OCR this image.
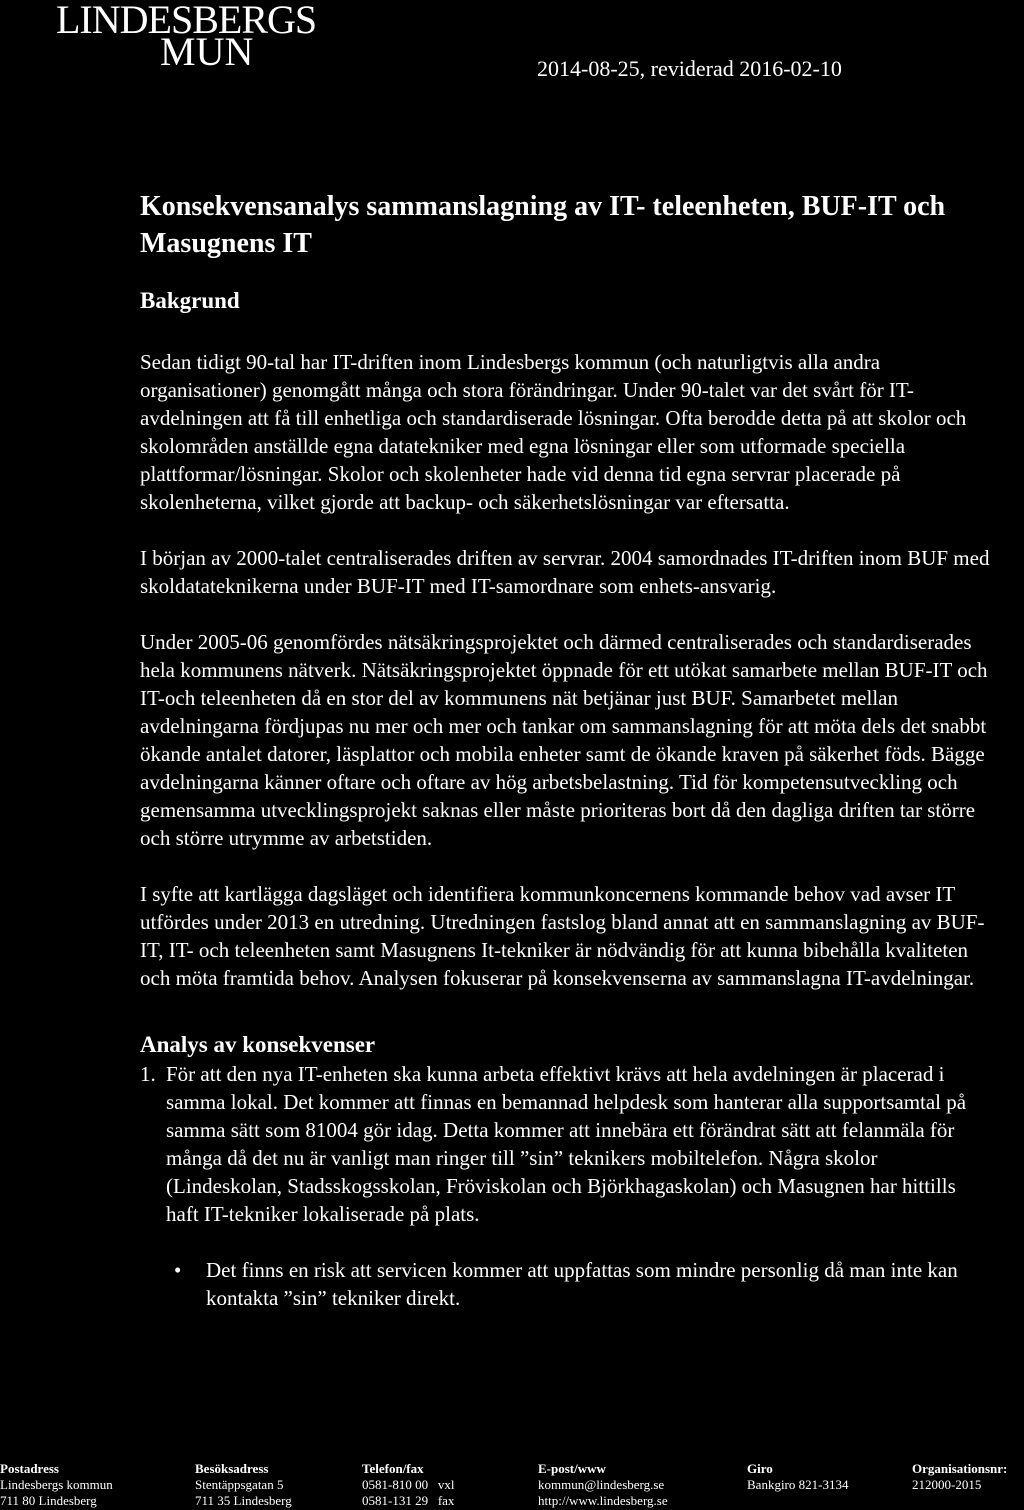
LINDESBERGS
MUN	2014-08-25, reviderad 2016-02-10
Konsekvensanalys sammanslagning av IT- teleenheten, BUF-IT och Masugnens IT
Bakgrund

Sedan tidigt 90-tal har IT-driften inom Lindesbergs kommun (och naturligtvis alla andra organisationer) genomgått många och stora förändringar. Under 90-talet var det svårt för IT-avdelningen att få till enhetliga och standardiserade lösningar. Ofta berodde detta på att skolor och skolområden anställde egna datatekniker med egna lösningar eller som utformade speciella plattformar/lösningar. Skolor och skolenheter hade vid denna tid egna servrar placerade på skolenheterna, vilket gjorde att backup- och säkerhetslösningar var eftersatta.

I början av 2000-talet centraliserades driften av servrar. 2004 samordnades IT-driften inom BUF med skoldatateknikerna under BUF-IT med IT-samordnare som enhets-ansvarig.

Under 2005-06 genomfördes nätsäkringsprojektet och därmed centraliserades och standardiserades hela kommunens nätverk. Nätsäkringsprojektet öppnade för ett utökat samarbete mellan BUF-IT och IT-och teleenheten då en stor del av kommunens nät betjänar just BUF. Samarbetet mellan avdelningarna fördjupas nu mer och mer och tankar om sammanslagning för att möta dels det snabbt ökande antalet datorer, läsplattor och mobila enheter samt de ökande kraven på säkerhet föds. Bägge avdelningarna känner oftare och oftare av hög arbetsbelastning. Tid för kompetensutveckling och gemensamma utvecklingsprojekt saknas eller måste prioriteras bort då den dagliga driften tar större och större utrymme av arbetstiden.

I syfte att kartlägga dagsläget och identifiera kommunkoncernens kommande behov vad avser IT utfördes under 2013 en utredning. Utredningen fastslog bland annat att en sammanslagning av BUF-IT, IT- och teleenheten samt Masugnens It-tekniker är nödvändig för att kunna bibehålla kvaliteten och möta framtida behov. Analysen fokuserar på konsekvenserna av sammanslagna IT-avdelningar.

Analys av konsekvenser
1. För att den nya IT-enheten ska kunna arbeta effektivt krävs att hela avdelningen är placerad i samma lokal. Det kommer att finnas en bemannad helpdesk som hanterar alla supportsamtal på samma sätt som 81004 gör idag. Detta kommer att innebära ett förändrat sätt att felanmäla för många då det nu är vanligt man ringer till ”sin” teknikers mobiltelefon. Några skolor (Lindeskolan, Stadsskogsskolan, Fröviskolan och Björkhagaskolan) och Masugnen har hittills haft IT-tekniker lokaliserade på plats.
• Det finns en risk att servicen kommer att uppfattas som mindre personlig då man inte kan kontakta ”sin” tekniker direkt.
Postadress
Lindesbergs kommun
711 80 Lindesberg
Besöksadress
Stentäppsgatan 5
711 35 Lindesberg
Telefon/fax
0581-810 00   vxl
0581-131 29   fax
E-post/www
kommun@lindesberg.se
http://www.lindesberg.se
Giro
Bankgiro 821-3134
Organisationsnr:
212000-2015
